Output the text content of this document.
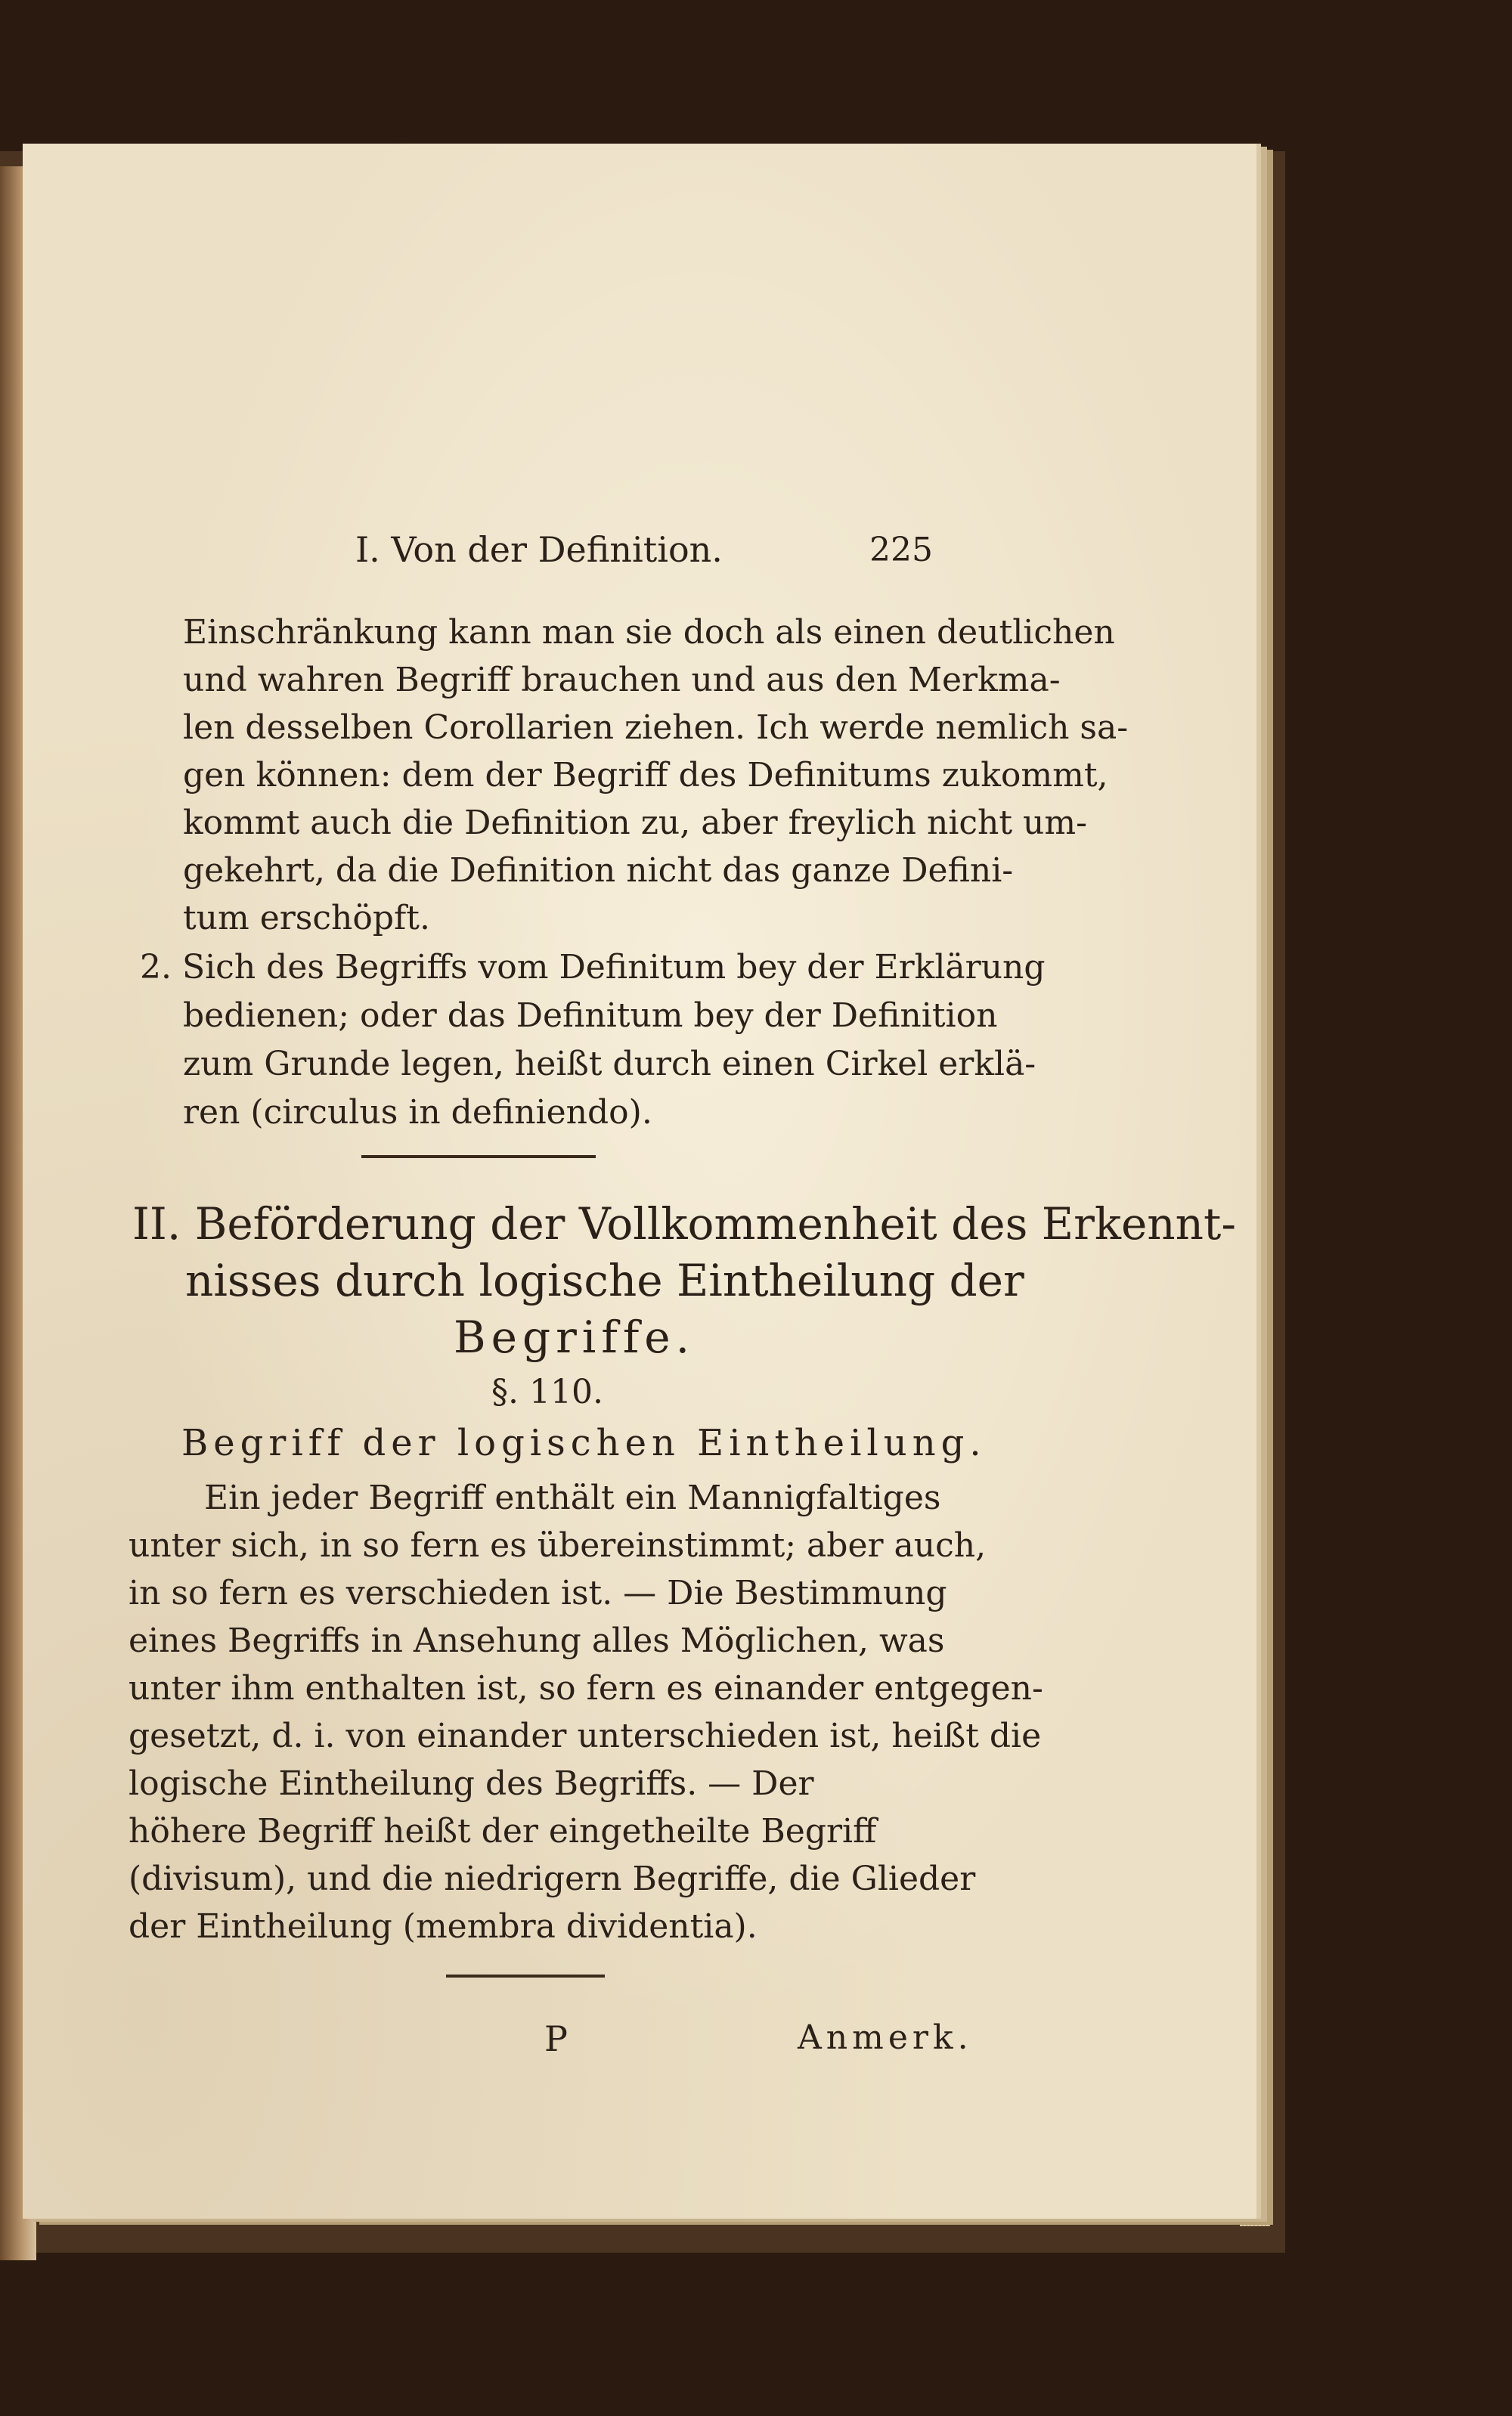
I. Von der Definition.	225
Einschränkung kann man sie doch als einen deutlichen
und wahren Begriff brauchen und aus den Merkma-
len desselben Corollarien ziehen. Ich werde nemlich sa-
gen können: dem der Begriff des Definitums zukommt,
kommt auch die Definition zu, aber freylich nicht um-
gekehrt, da die Definition nicht das ganze Defini-
tum erschöpft.
2. Sich des Begriffs vom Definitum bey der Erklärung
bedienen; oder das Definitum bey der Definition
zum Grunde legen, heißt durch einen Cirkel erklä-
ren (circulus in definiendo).
II. Beförderung der Vollkommenheit des Erkennt-
nisses durch logische Eintheilung der
Begriffe.
§. 110.
Begriff der logischen Eintheilung.
Ein jeder Begriff enthält ein Mannigfaltiges
unter sich, in so fern es übereinstimmt; aber auch,
in so fern es verschieden ist. — Die Bestimmung
eines Begriffs in Ansehung alles Möglichen, was
unter ihm enthalten ist, so fern es einander entgegen-
gesetzt, d. i. von einander unterschieden ist, heißt die
logische Eintheilung des Begriffs. — Der
höhere Begriff heißt der eingetheilte Begriff
(divisum), und die niedrigern Begriffe, die Glieder
der Eintheilung (membra dividentia).
P	Anmerk.
